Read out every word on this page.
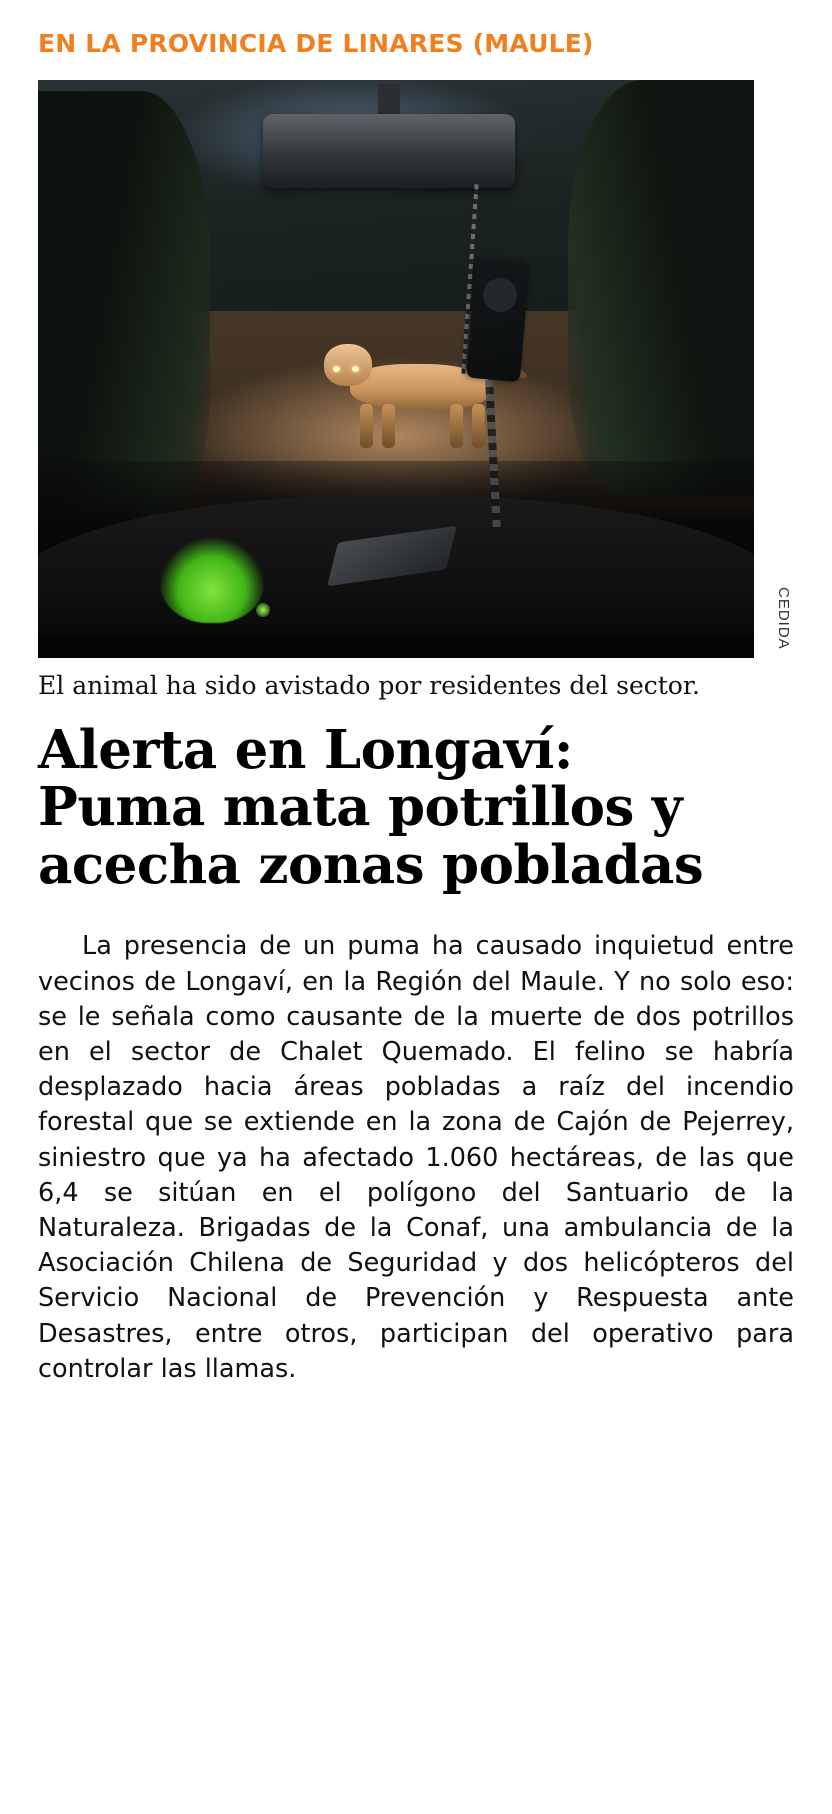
EN LA PROVINCIA DE LINARES (MAULE)
CEDIDA
El animal ha sido avistado por residentes del sector.
Alerta en Longaví:
Puma mata potrillos y
acecha zonas pobladas

La presencia de un puma ha causado inquietud entre vecinos de Longaví, en la Región del Maule. Y no solo eso: se le señala como causante de la muerte de dos potrillos en el sector de Chalet Quemado. El felino se habría desplazado hacia áreas pobladas a raíz del incendio forestal que se extiende en la zona de Cajón de Pejerrey, siniestro que ya ha afectado 1.060 hectáreas, de las que 6,4 se sitúan en el polígono del Santuario de la Naturaleza. Brigadas de la Conaf, una ambulancia de la Asociación Chilena de Seguridad y dos helicópteros del Servicio Nacional de Prevención y Respuesta ante Desastres, entre otros, participan del operativo para controlar las llamas.
